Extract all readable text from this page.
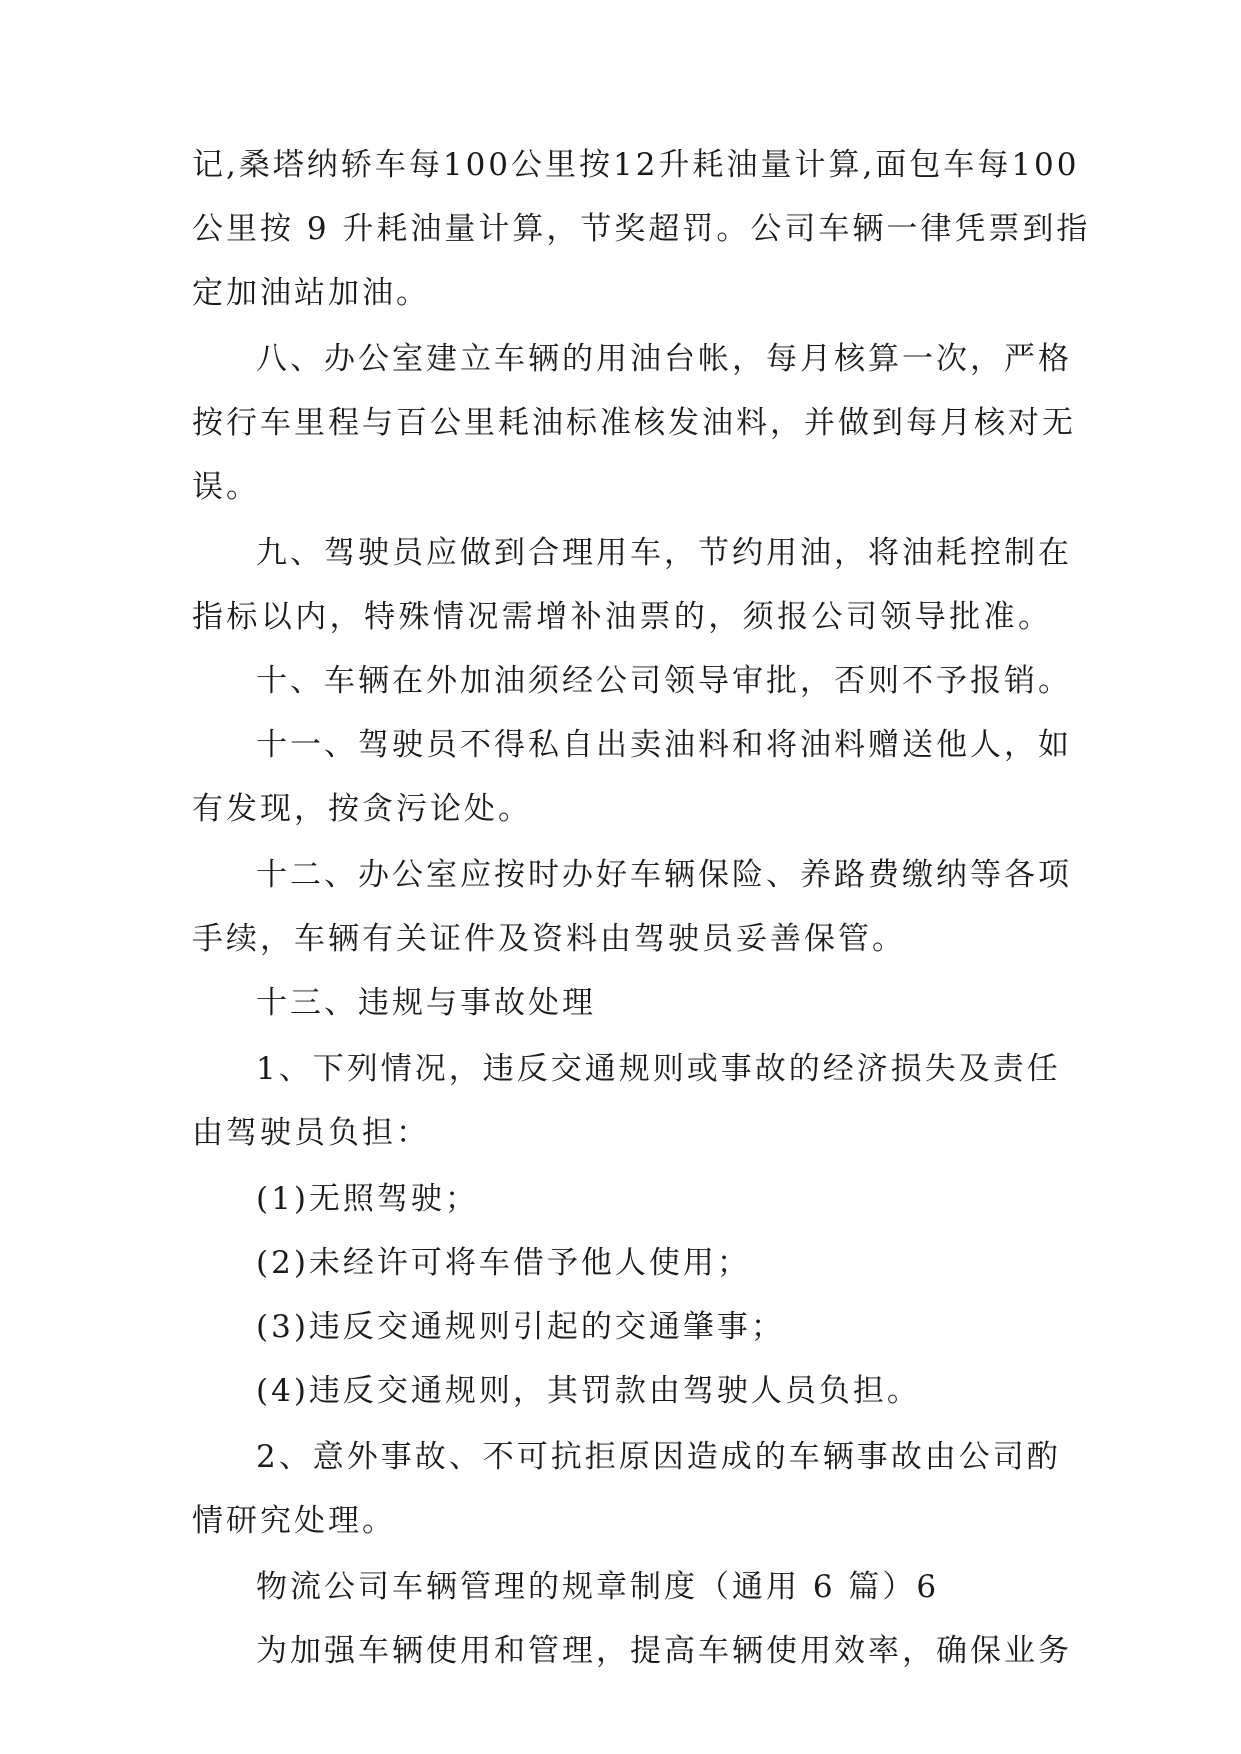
记,桑塔纳轿车每100公里按12升耗油量计算,面包车每100
公里按 9 升耗油量计算，节奖超罚。公司车辆一律凭票到指
定加油站加油。
八、办公室建立车辆的用油台帐，每月核算一次，严格
按行车里程与百公里耗油标准核发油料，并做到每月核对无
误。
九、驾驶员应做到合理用车，节约用油，将油耗控制在
指标以内，特殊情况需增补油票的，须报公司领导批准。
十、车辆在外加油须经公司领导审批，否则不予报销。
十一、驾驶员不得私自出卖油料和将油料赠送他人，如
有发现，按贪污论处。
十二、办公室应按时办好车辆保险、养路费缴纳等各项
手续，车辆有关证件及资料由驾驶员妥善保管。
十三、违规与事故处理
1、下列情况，违反交通规则或事故的经济损失及责任
由驾驶员负担：
(1)无照驾驶；
(2)未经许可将车借予他人使用；
(3)违反交通规则引起的交通肇事；
(4)违反交通规则，其罚款由驾驶人员负担。
2、意外事故、不可抗拒原因造成的车辆事故由公司酌
情研究处理。
物流公司车辆管理的规章制度（通用 6 篇）6
为加强车辆使用和管理，提高车辆使用效率，确保业务
